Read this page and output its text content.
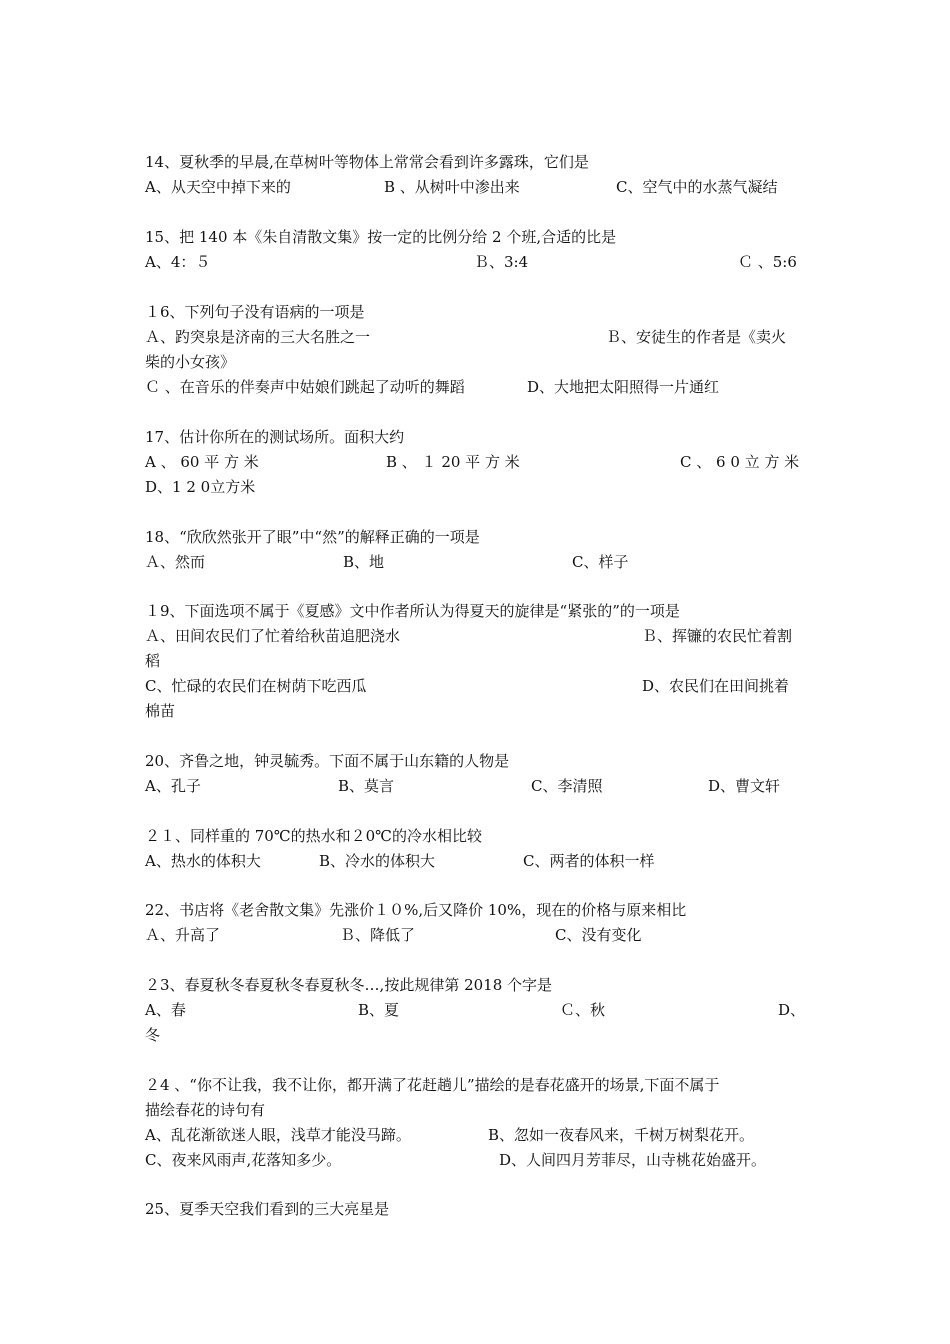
14、夏秋季的早晨,在草树叶等物体上常常会看到许多露珠，它们是
A、从天空中掉下来的	B 、从树叶中渗出来	C、空气中的水蒸气凝结
15、把 140 本《朱自清散文集》按一定的比例分给 2 个班,合适的比是
A、4：５	Ｂ、3:4	Ｃ 、5:6
１6、下列句子没有语病的一项是
Ａ、趵突泉是济南的三大名胜之一	Ｂ、安徒生的作者是《卖火
柴的小女孩》
Ｃ 、在音乐的伴奏声中姑娘们跳起了动听的舞蹈	D、大地把太阳照得一片通红
17、估计你所在的测试场所。面积大约
A 、 60 平 方 米	B 、 １ 20 平 方 米	C 、 6 0 立 方 米
D、1 2 0立方米
18、“欣欣然张开了眼”中“然”的解释正确的一项是
Ａ、然而	B、地	C、样子
１9、下面选项不属于《夏感》文中作者所认为得夏天的旋律是“紧张的”的一项是
Ａ、田间农民们了忙着给秋苗追肥浇水	Ｂ、挥镰的农民忙着割
稻
C、忙碌的农民们在树荫下吃西瓜	D、农民们在田间挑着
棉苗
20、齐鲁之地，钟灵毓秀。下面不属于山东籍的人物是
A、孔子	B、莫言	C、李清照	D、曹文轩
２１、同样重的 70℃的热水和２0℃的冷水相比较
A、热水的体积大	B、冷水的体积大	C、两者的体积一样
22、书店将《老舍散文集》先涨价１０%,后又降价 10%，现在的价格与原来相比
Ａ、升高了	Ｂ、降低了	C、没有变化
２3、春夏秋冬春夏秋冬春夏秋冬…,按此规律第 2018 个字是
A、春	B、夏	Ｃ、秋	D、
冬
２4 、“你不让我，我不让你，都开满了花赶趟儿”描绘的是春花盛开的场景,下面不属于
描绘春花的诗句有
A、乱花渐欲迷人眼，浅草才能没马蹄。	B、忽如一夜春风来，千树万树梨花开。
C、夜来风雨声,花落知多少。	D、人间四月芳菲尽，山寺桃花始盛开。
25、夏季天空我们看到的三大亮星是
